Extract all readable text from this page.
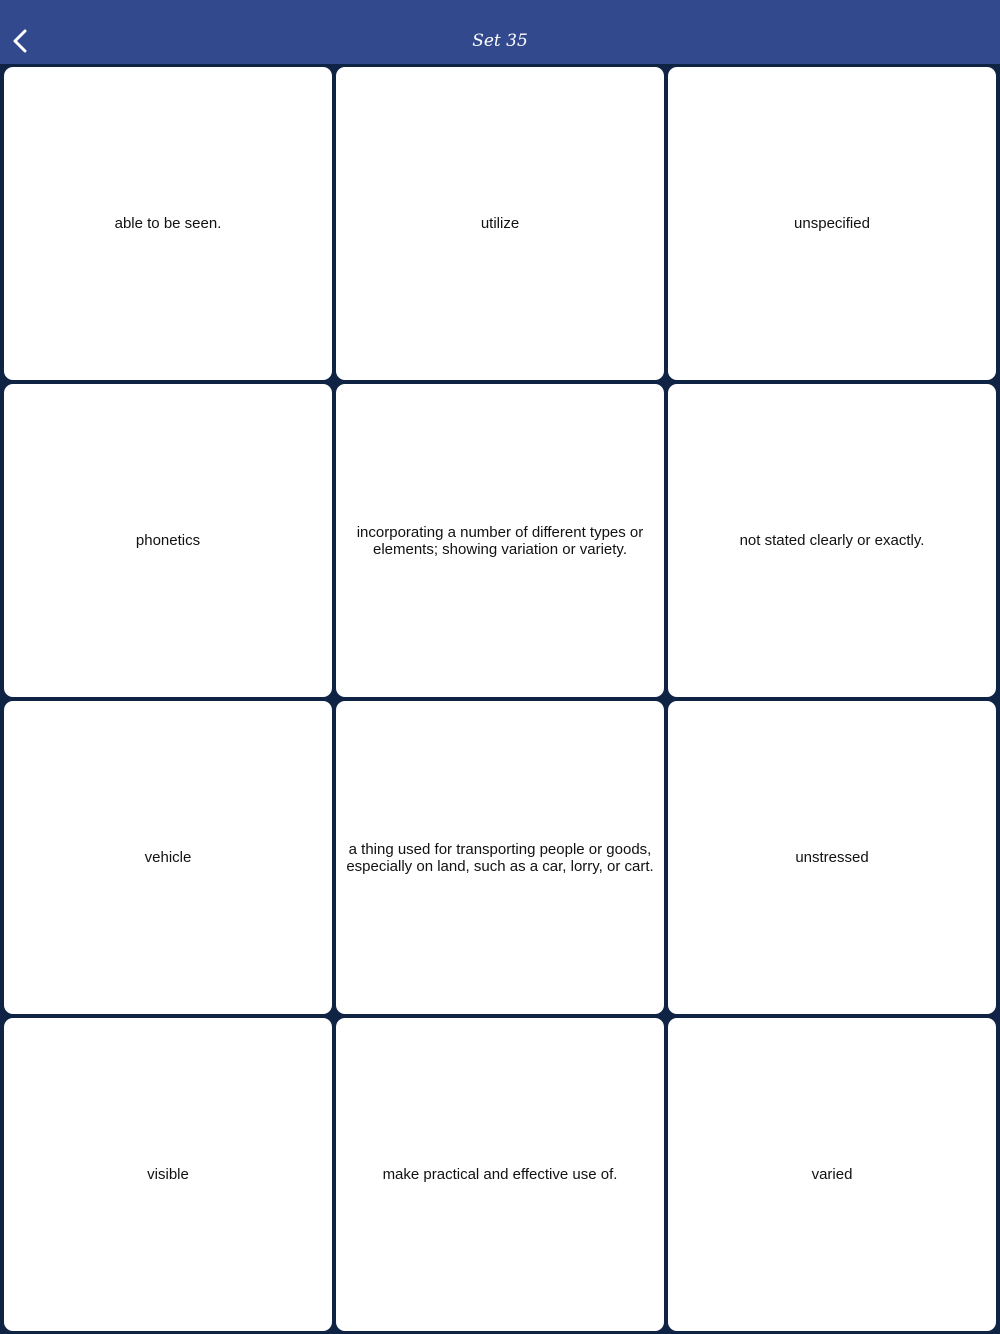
Set 35
able to be seen.	utilize	unspecified
phonetics	incorporating a number of different types or elements; showing variation or variety.	not stated clearly or exactly.
vehicle	a thing used for transporting people or goods, especially on land, such as a car, lorry, or cart.	unstressed
visible	make practical and effective use of.	varied
